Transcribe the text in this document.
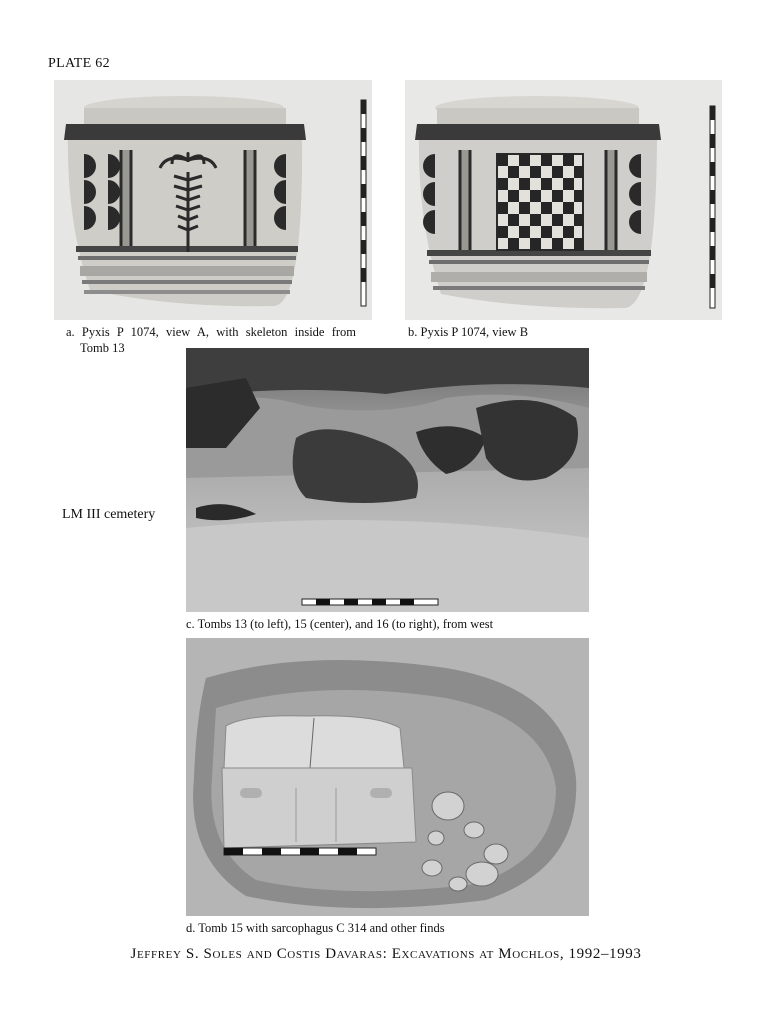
PLATE 62
a. Pyxis P 1074, view A, with skeleton inside from
Tomb 13
b. Pyxis P 1074, view B
LM III cemetery
c. Tombs 13 (to left), 15 (center), and 16 (to right), from west
d. Tomb 15 with sarcophagus C 314 and other finds
Jeffrey S. Soles and Costis Davaras: Excavations at Mochlos, 1992–1993
